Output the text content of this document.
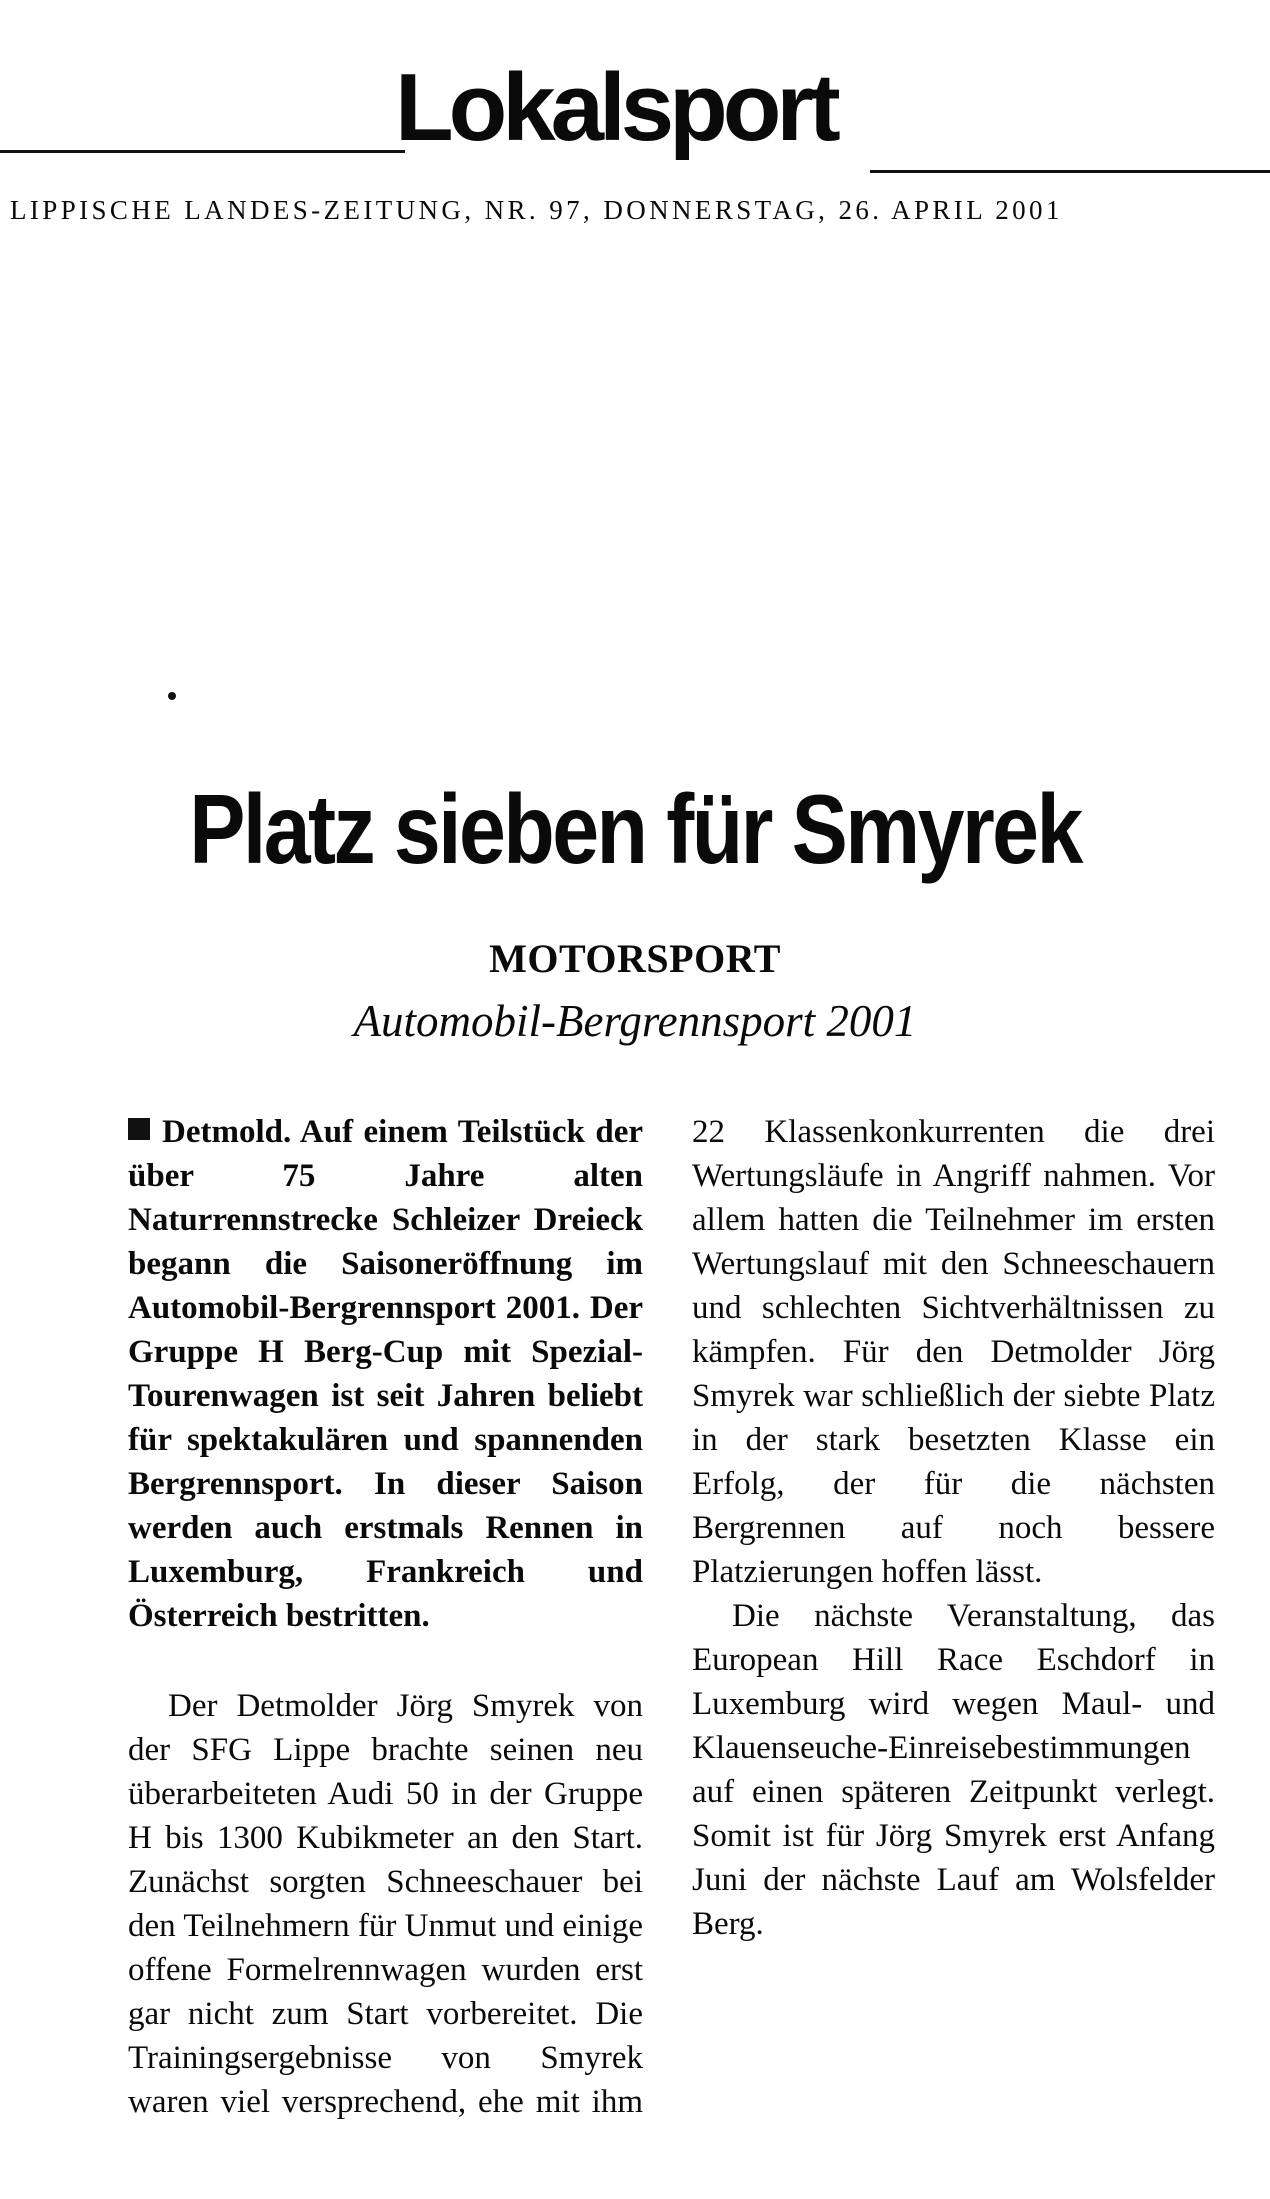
Lokalsport
LIPPISCHE LANDES-ZEITUNG, NR. 97, DONNERSTAG, 26. APRIL 2001
Platz sieben für Smyrek
MOTORSPORT
Automobil-Bergrennsport 2001

Detmold. Auf einem Teilstück der über 75 Jahre alten Naturrennstrecke Schleizer Dreieck begann die Saisoneröffnung im Automobil-Bergrennsport 2001. Der Gruppe H Berg-Cup mit Spezial-Tourenwagen ist seit Jahren beliebt für spektakulären und spannenden Bergrennsport. In dieser Saison werden auch erstmals Rennen in Luxemburg, Frankreich und Österreich bestritten.

Der Detmolder Jörg Smyrek von der SFG Lippe brachte seinen neu überarbeiteten Audi 50 in der Gruppe H bis 1300 Kubikmeter an den Start. Zunächst sorgten Schneeschauer bei den Teilnehmern für Unmut und einige offene Formelrennwagen wurden erst gar nicht zum Start vorbereitet. Die Trainingsergebnisse von Smyrek waren viel versprechend, ehe mit ihm

22 Klassenkonkurrenten die drei Wertungsläufe in Angriff nahmen. Vor allem hatten die Teilnehmer im ersten Wertungslauf mit den Schneeschauern und schlechten Sichtverhältnissen zu kämpfen. Für den Detmolder Jörg Smyrek war schließlich der siebte Platz in der stark besetzten Klasse ein Erfolg, der für die nächsten Bergrennen auf noch bessere Platzierungen hoffen lässt.

Die nächste Veranstaltung, das European Hill Race Eschdorf in Luxemburg wird wegen Maul- und Klauenseuche-Einreisebestimmungen auf einen späteren Zeitpunkt verlegt. Somit ist für Jörg Smyrek erst Anfang Juni der nächste Lauf am Wolsfelder Berg.
